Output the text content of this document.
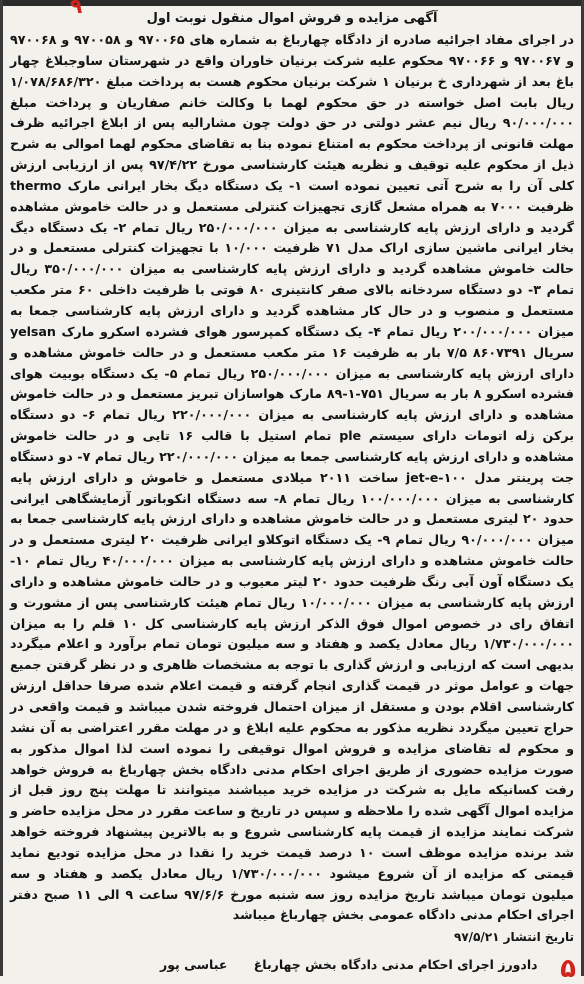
۹
آگهی مزایده و فروش اموال منقول نوبت اول

در اجرای مفاد اجرائیه صادره از دادگاه چهارباغ به شماره های ۹۷۰۰۶۵ و ۹۷۰۰۵۸ و ۹۷۰۰۶۸ و ۹۷۰۰۶۷ و ۹۷۰۰۶۶ محکوم علیه شرکت برنیان خاوران واقع در شهرستان ساوجبلاغ چهار باغ بعد از شهرداری خ برنیان ۱ شرکت برنیان محکوم هست به پرداخت مبلغ ۱/۰۷۸/۶۸۶/۳۲۰ ریال بابت اصل خواسته در حق محکوم لهما با وکالت خانم صفاریان و پرداخت مبلغ ۹۰/۰۰۰/۰۰۰ ریال نیم عشر دولتی در حق دولت چون مشارالیه پس از ابلاغ اجرائیه ظرف مهلت قانونی از پرداخت محکوم به امتناع نموده بنا به تقاضای محکوم لهما اموالی به شرح ذیل از محکوم علیه توقیف و نظریه هیئت کارشناسی مورخ ۹۷/۴/۲۲ پس از ارزیابی ارزش کلی آن را به شرح آتی تعیین نموده است ۱- یک دستگاه دیگ بخار ایرانی مارک thermo ظرفیت ۷۰۰۰ به همراه مشعل گازی تجهیزات کنترلی مستعمل و در حالت خاموش مشاهده گردید و دارای ارزش پایه کارشناسی به میزان ۲۵۰/۰۰۰/۰۰۰ ریال تمام ۲- یک دستگاه دیگ بخار ایرانی ماشین سازی اراک مدل ۷۱ ظرفیت ۱۰/۰۰۰ با تجهیزات کنترلی مستعمل و در حالت خاموش مشاهده گردید و دارای ارزش پایه کارشناسی به میزان ۳۵۰/۰۰۰/۰۰۰ ریال تمام ۳- دو دستگاه سردخانه بالای صفر کانتینری ۸۰ فوتی با ظرفیت داخلی ۶۰ متر مکعب مستعمل و منصوب و در حال کار مشاهده گردید و دارای ارزش پایه کارشناسی جمعا به میزان ۲۰۰/۰۰۰/۰۰۰ ریال تمام ۴- یک دستگاه کمپرسور هوای فشرده اسکرو مارک yelsan سریال ۸۶۰۷۳۹۱ ۷/۵ بار به ظرفیت ۱۶ متر مکعب مستعمل و در حالت خاموش مشاهده و دارای ارزش پایه کارشناسی به میزان ۲۵۰/۰۰۰/۰۰۰ ریال تمام ۵- یک دستگاه بوبیت هوای فشرده اسکرو ۸ بار به سریال ۷۵۱-۱-۸۹ مارک هواسازان تبریز مستعمل و در حالت خاموش مشاهده و دارای ارزش پایه کارشناسی به میزان ۲۲۰/۰۰۰/۰۰۰ ریال تمام ۶- دو دستگاه برکن زله اتومات دارای سیستم ple تمام استیل با قالب ۱۶ تایی و در حالت خاموش مشاهده و دارای ارزش پایه کارشناسی جمعا به میزان ۲۲۰/۰۰۰/۰۰۰ ریال تمام ۷- دو دستگاه جت پرینتر مدل ۱۰۰-jet-e ساخت ۲۰۱۱ میلادی مستعمل و خاموش و دارای ارزش پایه کارشناسی به میزان ۱۰۰/۰۰۰/۰۰۰ ریال تمام ۸- سه دستگاه انکوباتور آزمایشگاهی ایرانی حدود ۲۰ لیتری مستعمل و در حالت خاموش مشاهده و دارای ارزش پایه کارشناسی جمعا به میزان ۹۰/۰۰۰/۰۰۰ ریال تمام ۹- یک دستگاه اتوکلاو ایرانی ظرفیت ۲۰ لیتری مستعمل و در حالت خاموش مشاهده و دارای ارزش پایه کارشناسی به میزان ۴۰/۰۰۰/۰۰۰ ریال تمام ۱۰- یک دستگاه آون آبی رنگ ظرفیت حدود ۲۰ لیتر معیوب و در حالت خاموش مشاهده و دارای ارزش پایه کارشناسی به میزان ۱۰/۰۰۰/۰۰۰ ریال تمام هیئت کارشناسی پس از مشورت و اتفاق رای در خصوص اموال فوق الذکر ارزش پایه کارشناسی کل ۱۰ قلم را به میزان ۱/۷۳۰/۰۰۰/۰۰۰ ریال معادل یکصد و هفتاد و سه میلیون تومان تمام برآورد و اعلام میگردد بدیهی است که ارزیابی و ارزش گذاری با توجه به مشخصات ظاهری و در نظر گرفتن جمیع جهات و عوامل موثر در قیمت گذاری انجام گرفته و قیمت اعلام شده صرفا حداقل ارزش کارشناسی اقلام بودن و مستقل از میزان احتمال فروخته شدن میباشد و قیمت واقعی در حراج تعیین میگردد نظریه مذکور به محکوم علیه ابلاغ و در مهلت مقرر اعتراضی به آن نشد و محکوم له تقاضای مزایده و فروش اموال توقیفی را نموده است لذا اموال مذکور به صورت مزایده حضوری از طریق اجرای احکام مدنی دادگاه بخش چهارباغ به فروش خواهد رفت کسانیکه مایل به شرکت در مزایده خرید میباشند میتوانند تا مهلت پنج روز قبل از مزایده اموال آگهی شده را ملاحظه و سپس در تاریخ و ساعت مقرر در محل مزایده حاضر و شرکت نمایند مزایده از قیمت پایه کارشناسی شروع و به بالاترین پیشنهاد فروخته خواهد شد برنده مزایده موظف است ۱۰ درصد قیمت خرید را نقدا در محل مزایده تودیع نماید قیمتی که مزایده از آن شروع میشود ۱/۷۳۰/۰۰۰/۰۰۰ ریال معادل یکصد و هفتاد و سه میلیون تومان میباشد تاریخ مزایده روز سه شنبه مورخ ۹۷/۶/۶ ساعت ۹ الی ۱۱ صبح دفتر اجرای احکام مدنی دادگاه عمومی بخش چهارباغ میباشد

تاریخ انتشار ۹۷/۵/۲۱

دادورز اجرای احکام مدنی دادگاه بخش چهارباغ عباسی پور	۵
